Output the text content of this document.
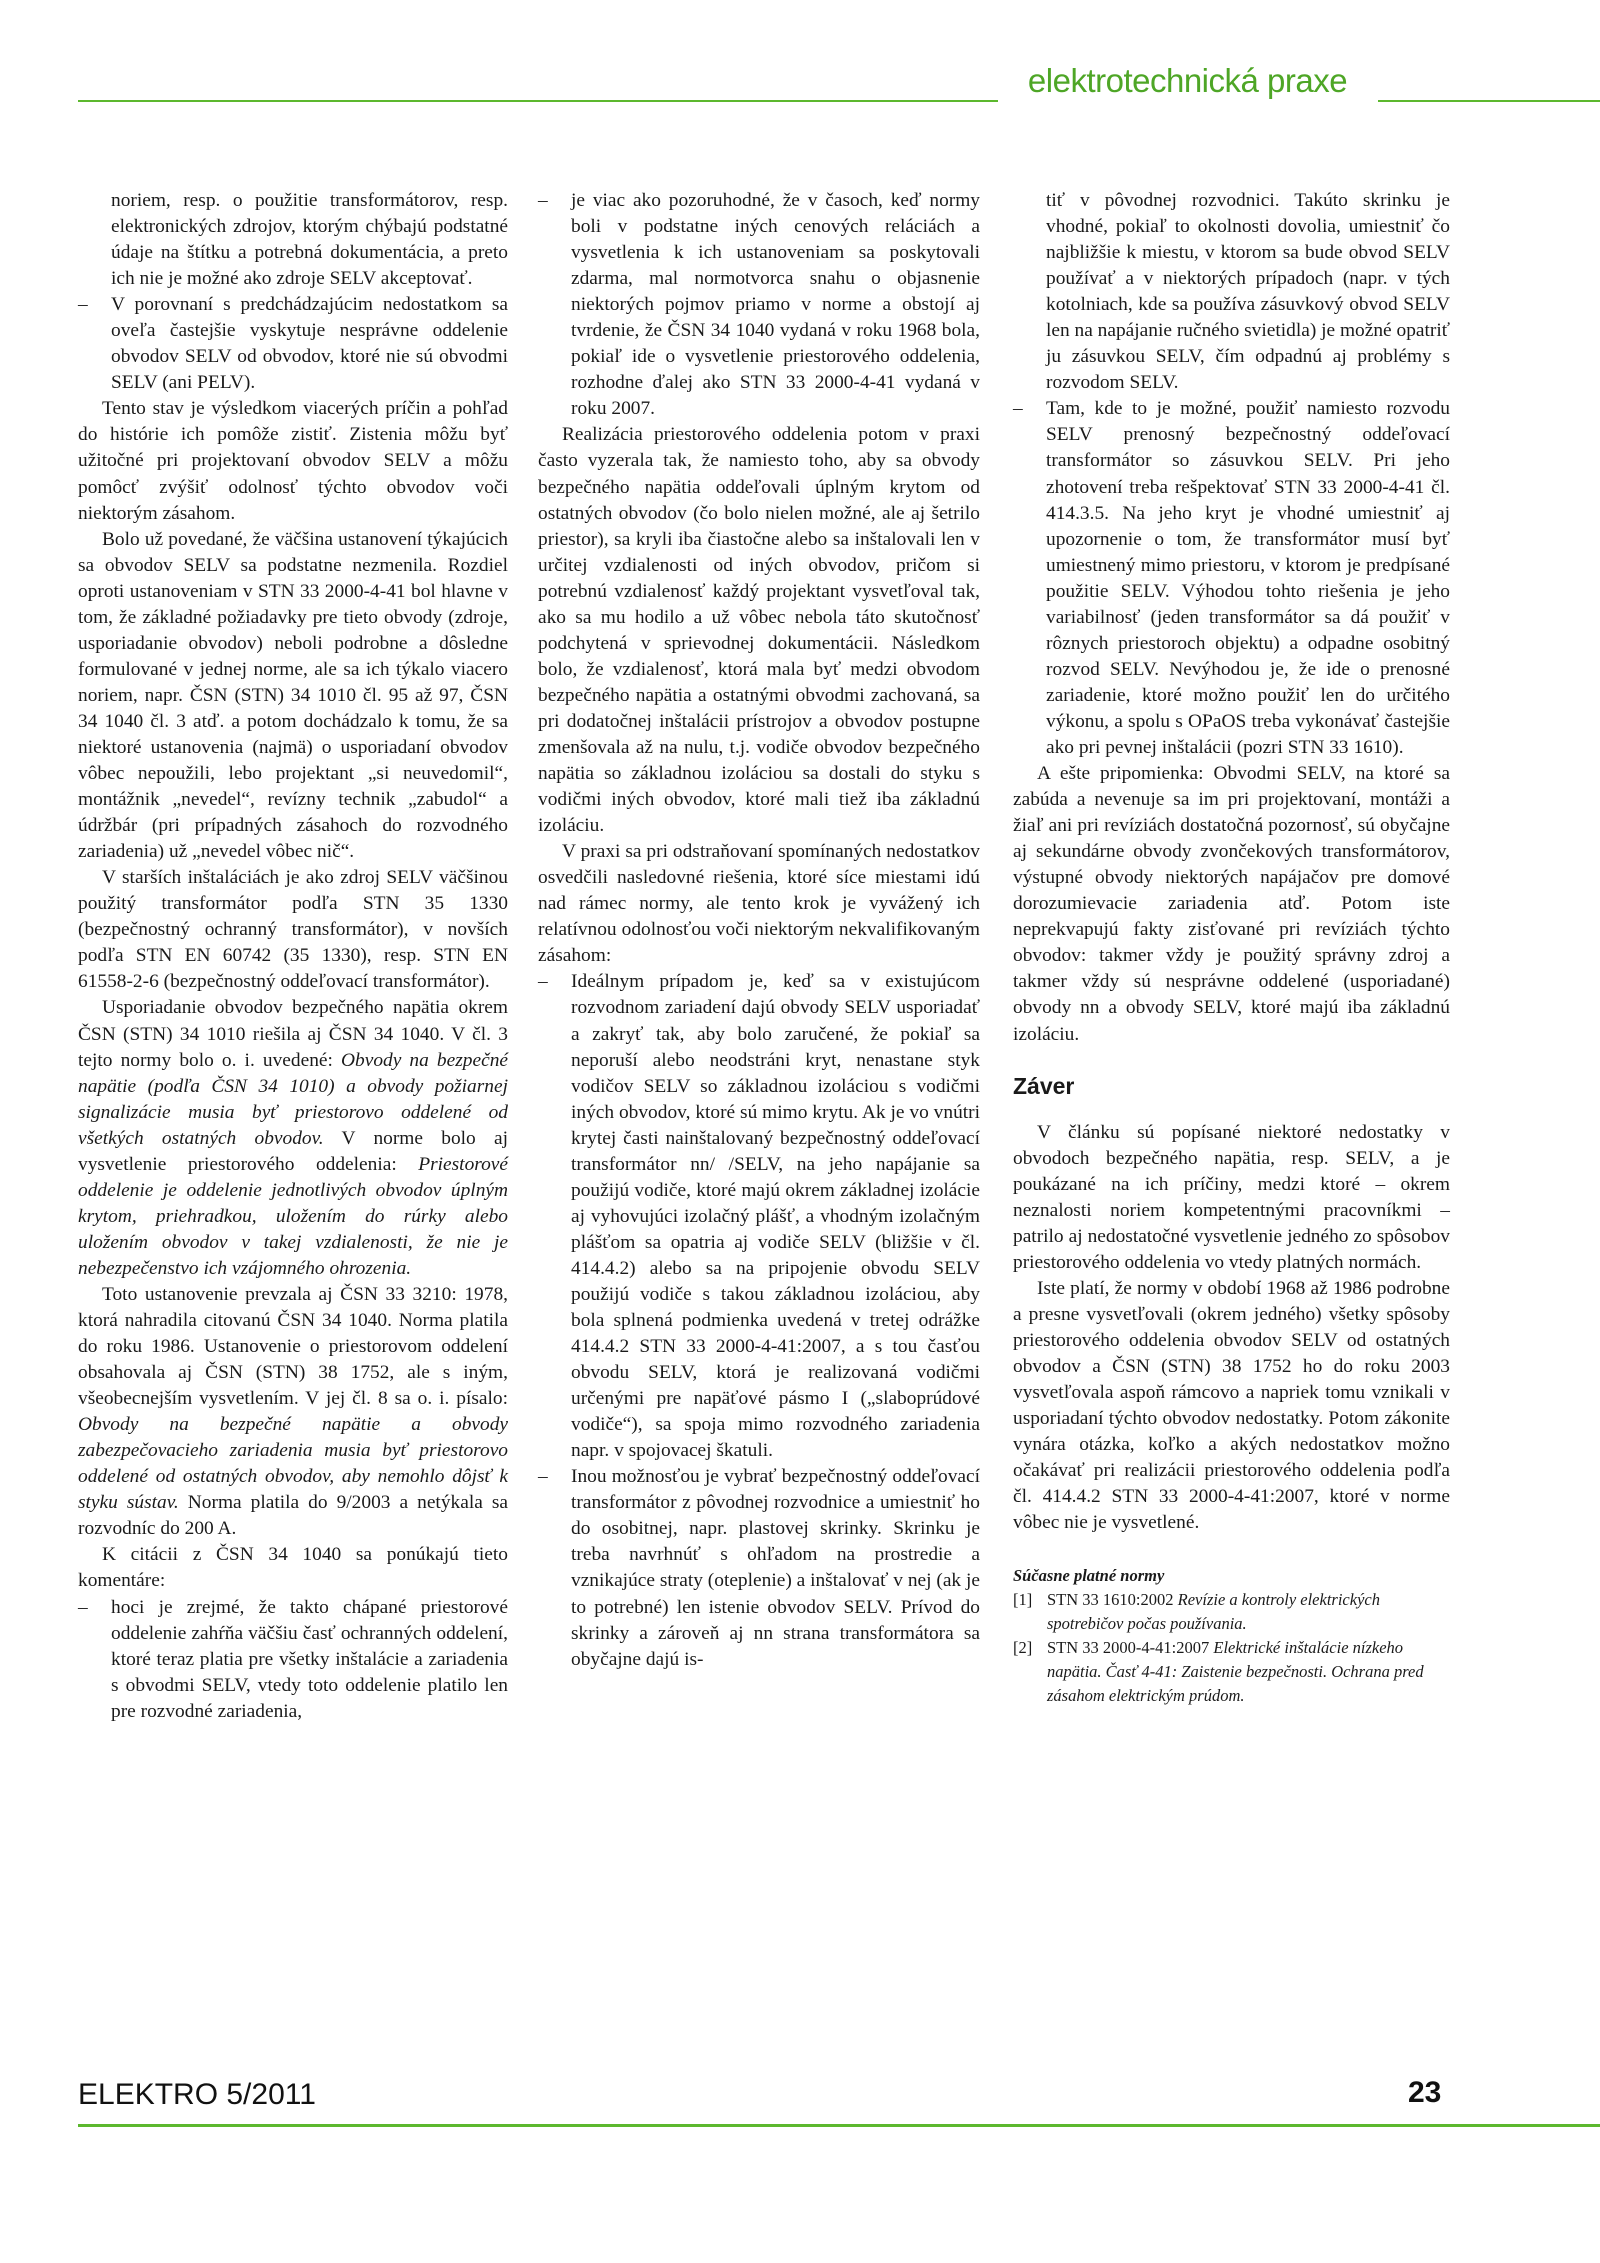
elektrotechnická praxe

noriem, resp. o použitie transformátorov, resp. elektronických zdrojov, ktorým chýbajú podstatné údaje na štítku a potrebná dokumentácia, a preto ich nie je možné ako zdroje SELV akceptovať.

– V porovnaní s predchádzajúcim nedostatkom sa oveľa častejšie vyskytuje nesprávne oddelenie obvodov SELV od obvodov, ktoré nie sú obvodmi SELV (ani PELV).

Tento stav je výsledkom viacerých príčin a pohľad do histórie ich pomôže zistiť. Zistenia môžu byť užitočné pri projektovaní obvodov SELV a môžu pomôcť zvýšiť odolnosť týchto obvodov voči niektorým zásahom.

Bolo už povedané, že väčšina ustanovení týkajúcich sa obvodov SELV sa podstatne nezmenila. Rozdiel oproti ustanoveniam v STN 33 2000-4-41 bol hlavne v tom, že základné požiadavky pre tieto obvody (zdroje, usporiadanie obvodov) neboli podrobne a dôsledne formulované v jednej norme, ale sa ich týkalo viacero noriem, napr. ČSN (STN) 34 1010 čl. 95 až 97, ČSN 34 1040 čl. 3 atď. a potom dochádzalo k tomu, že sa niektoré ustanovenia (najmä) o usporiadaní obvodov vôbec nepoužili, lebo projektant „si neuvedomil“, montážnik „nevedel“, revízny technik „zabudol“ a údržbár (pri prípadných zásahoch do rozvodného zariadenia) už „nevedel vôbec nič“.

V starších inštaláciách je ako zdroj SELV väčšinou použitý transformátor podľa STN 35 1330 (bezpečnostný ochranný transformátor), v novších podľa STN EN 60742 (35 1330), resp. STN EN 61558-2-6 (bezpečnostný oddeľovací transformátor).

Usporiadanie obvodov bezpečného napätia okrem ČSN (STN) 34 1010 riešila aj ČSN 34 1040. V čl. 3 tejto normy bolo o. i. uvedené: Obvody na bezpečné napätie (podľa ČSN 34 1010) a obvody požiarnej signalizácie musia byť priestorovo oddelené od všetkých ostatných obvodov. V norme bolo aj vysvetlenie priestorového oddelenia: Priestorové oddelenie je oddelenie jednotlivých obvodov úplným krytom, priehradkou, uložením do rúrky alebo uložením obvodov v takej vzdialenosti, že nie je nebezpečenstvo ich vzájomného ohrozenia.

Toto ustanovenie prevzala aj ČSN 33 3210: 1978, ktorá nahradila citovanú ČSN 34 1040. Norma platila do roku 1986. Ustanovenie o priestorovom oddelení obsahovala aj ČSN (STN) 38 1752, ale s iným, všeobecnejším vysvetlením. V jej čl. 8 sa o. i. písalo: Obvody na bezpečné napätie a obvody zabezpečovacieho zariadenia musia byť priestorovo oddelené od ostatných obvodov, aby nemohlo dôjsť k styku sústav. Norma platila do 9/2003 a netýkala sa rozvodníc do 200 A.

K citácii z ČSN 34 1040 sa ponúkajú tieto komentáre:

– hoci je zrejmé, že takto chápané priestorové oddelenie zahŕňa väčšiu časť ochranných oddelení, ktoré teraz platia pre všetky inštalácie a zariadenia s obvodmi SELV, vtedy toto oddelenie platilo len pre rozvodné zariadenia,

– je viac ako pozoruhodné, že v časoch, keď normy boli v podstatne iných cenových reláciách a vysvetlenia k ich ustanoveniam sa poskytovali zdarma, mal normotvorca snahu o objasnenie niektorých pojmov priamo v norme a obstojí aj tvrdenie, že ČSN 34 1040 vydaná v roku 1968 bola, pokiaľ ide o vysvetlenie priestorového oddelenia, rozhodne ďalej ako STN 33 2000-4-41 vydaná v roku 2007.

Realizácia priestorového oddelenia potom v praxi často vyzerala tak, že namiesto toho, aby sa obvody bezpečného napätia oddeľovali úplným krytom od ostatných obvodov (čo bolo nielen možné, ale aj šetrilo priestor), sa kryli iba čiastočne alebo sa inštalovali len v určitej vzdialenosti od iných obvodov, pričom si potrebnú vzdialenosť každý projektant vysvetľoval tak, ako sa mu hodilo a už vôbec nebola táto skutočnosť podchytená v sprievodnej dokumentácii. Následkom bolo, že vzdialenosť, ktorá mala byť medzi obvodom bezpečného napätia a ostatnými obvodmi zachovaná, sa pri dodatočnej inštalácii prístrojov a obvodov postupne zmenšovala až na nulu, t.j. vodiče obvodov bezpečného napätia so základnou izoláciou sa dostali do styku s vodičmi iných obvodov, ktoré mali tiež iba základnú izoláciu.

V praxi sa pri odstraňovaní spomínaných nedostatkov osvedčili nasledovné riešenia, ktoré síce miestami idú nad rámec normy, ale tento krok je vyvážený ich relatívnou odolnosťou voči niektorým nekvalifikovaným zásahom:

– Ideálnym prípadom je, keď sa v existujúcom rozvodnom zariadení dajú obvody SELV usporiadať a zakryť tak, aby bolo zaručené, že pokiaľ sa neporuší alebo neodstráni kryt, nenastane styk vodičov SELV so základnou izoláciou s vodičmi iných obvodov, ktoré sú mimo krytu. Ak je vo vnútri krytej časti nainštalovaný bezpečnostný oddeľovací transformátor nn/ /SELV, na jeho napájanie sa použijú vodiče, ktoré majú okrem základnej izolácie aj vyhovujúci izolačný plášť, a vhodným izolačným plášťom sa opatria aj vodiče SELV (bližšie v čl. 414.4.2) alebo sa na pripojenie obvodu SELV použijú vodiče s takou základnou izoláciou, aby bola splnená podmienka uvedená v tretej odrážke 414.4.2 STN 33 2000-4-41:2007, a s tou časťou obvodu SELV, ktorá je realizovaná vodičmi určenými pre napäťové pásmo I („slaboprúdové vodiče“), sa spoja mimo rozvodného zariadenia napr. v spojovacej škatuli.

– Inou možnosťou je vybrať bezpečnostný oddeľovací transformátor z pôvodnej rozvodnice a umiestniť ho do osobitnej, napr. plastovej skrinky. Skrinku je treba navrhnúť s ohľadom na prostredie a vznikajúce straty (oteplenie) a inštalovať v nej (ak je to potrebné) len istenie obvodov SELV. Prívod do skrinky a zároveň aj nn strana transformátora sa obyčajne dajú is-

tiť v pôvodnej rozvodnici. Takúto skrinku je vhodné, pokiaľ to okolnosti dovolia, umiestniť čo najbližšie k miestu, v ktorom sa bude obvod SELV používať a v niektorých prípadoch (napr. v tých kotolniach, kde sa používa zásuvkový obvod SELV len na napájanie ručného svietidla) je možné opatriť ju zásuvkou SELV, čím odpadnú aj problémy s rozvodom SELV.

– Tam, kde to je možné, použiť namiesto rozvodu SELV prenosný bezpečnostný oddeľovací transformátor so zásuvkou SELV. Pri jeho zhotovení treba rešpektovať STN 33 2000-4-41 čl. 414.3.5. Na jeho kryt je vhodné umiestniť aj upozornenie o tom, že transformátor musí byť umiestnený mimo priestoru, v ktorom je predpísané použitie SELV. Výhodou tohto riešenia je jeho variabilnosť (jeden transformátor sa dá použiť v rôznych priestoroch objektu) a odpadne osobitný rozvod SELV. Nevýhodou je, že ide o prenosné zariadenie, ktoré možno použiť len do určitého výkonu, a spolu s OPaOS treba vykonávať častejšie ako pri pevnej inštalácii (pozri STN 33 1610).

A ešte pripomienka: Obvodmi SELV, na ktoré sa zabúda a nevenuje sa im pri projektovaní, montáži a žiaľ ani pri revíziách dostatočná pozornosť, sú obyčajne aj sekundárne obvody zvončekových transformátorov, výstupné obvody niektorých napájačov pre domové dorozumievacie zariadenia atď. Potom iste neprekvapujú fakty zisťované pri revíziách týchto obvodov: takmer vždy je použitý správny zdroj a takmer vždy sú nesprávne oddelené (usporiadané) obvody nn a obvody SELV, ktoré majú iba základnú izoláciu.

Záver

V článku sú popísané niektoré nedostatky v obvodoch bezpečného napätia, resp. SELV, a je poukázané na ich príčiny, medzi ktoré – okrem neznalosti noriem kompetentnými pracovníkmi – patrilo aj nedostatočné vysvetlenie jedného zo spôsobov priestorového oddelenia vo vtedy platných normách.

Iste platí, že normy v období 1968 až 1986 podrobne a presne vysvetľovali (okrem jedného) všetky spôsoby priestorového oddelenia obvodov SELV od ostatných obvodov a ČSN (STN) 38 1752 ho do roku 2003 vysvetľovala aspoň rámcovo a napriek tomu vznikali v usporiadaní týchto obvodov nedostatky. Potom zákonite vynára otázka, koľko a akých nedostatkov možno očakávať pri realizácii priestorového oddelenia podľa čl. 414.4.2 STN 33 2000-4-41:2007, ktoré v norme vôbec nie je vysvetlené.

Súčasne platné normy
[1] STN 33 1610:2002 Revízie a kontroly elektrických spotrebičov počas používania.
[2] STN 33 2000-4-41:2007 Elektrické inštalácie nízkeho napätia. Časť 4-41: Zaistenie bezpečnosti. Ochrana pred zásahom elektrickým prúdom.
ELEKTRO 5/2011	23
